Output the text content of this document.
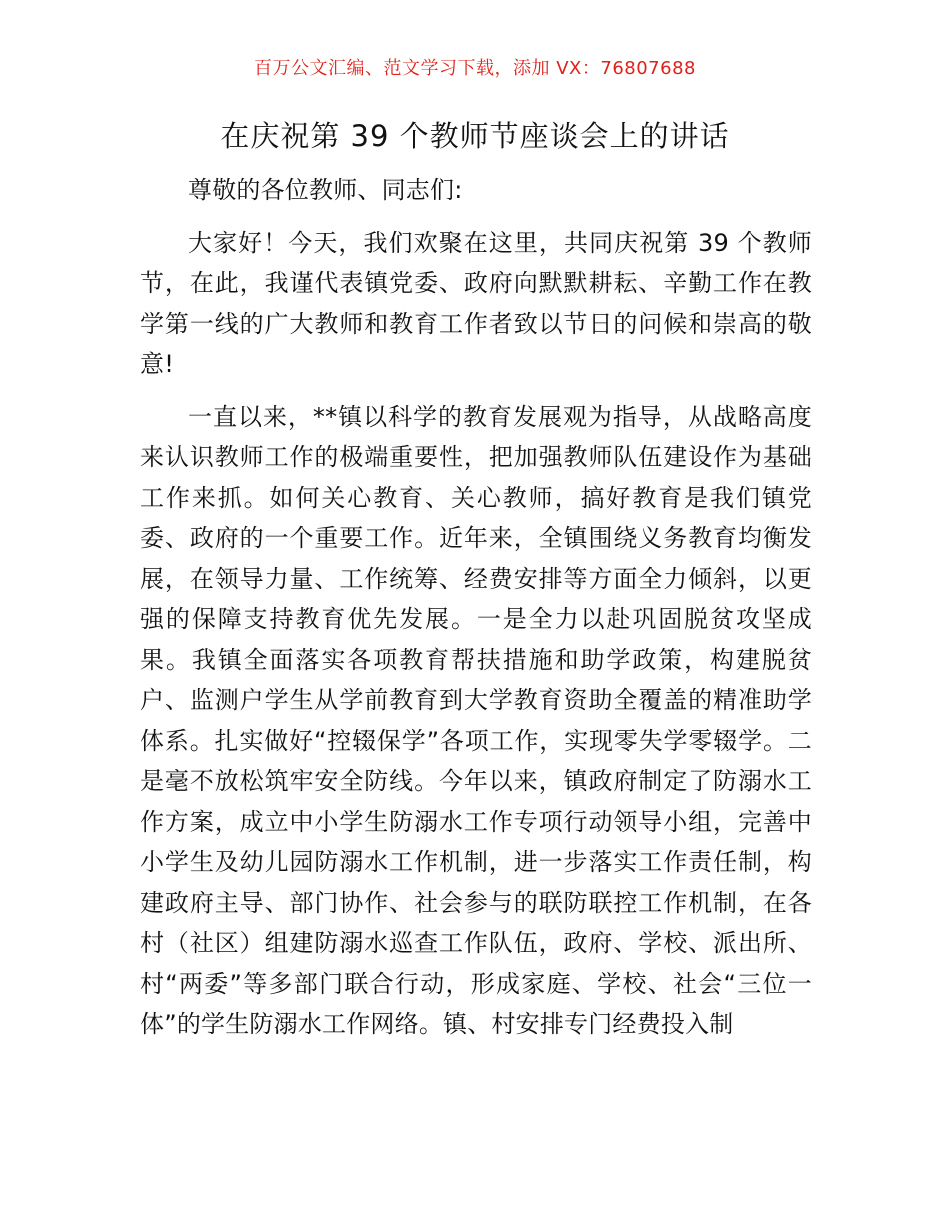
百万公文汇编、范文学习下载，添加 VX：76807688
在庆祝第 39 个教师节座谈会上的讲话

尊敬的各位教师、同志们:

大家好！今天，我们欢聚在这里，共同庆祝第 39 个教师节，在此，我谨代表镇党委、政府向默默耕耘、辛勤工作在教学第一线的广大教师和教育工作者致以节日的问候和崇高的敬意!

一直以来，**镇以科学的教育发展观为指导，从战略高度来认识教师工作的极端重要性，把加强教师队伍建设作为基础工作来抓。如何关心教育、关心教师，搞好教育是我们镇党委、政府的一个重要工作。近年来，全镇围绕义务教育均衡发展，在领导力量、工作统筹、经费安排等方面全力倾斜，以更强的保障支持教育优先发展。一是全力以赴巩固脱贫攻坚成果。我镇全面落实各项教育帮扶措施和助学政策，构建脱贫户、监测户学生从学前教育到大学教育资助全覆盖的精准助学体系。扎实做好“控辍保学”各项工作，实现零失学零辍学。二是毫不放松筑牢安全防线。今年以来，镇政府制定了防溺水工作方案，成立中小学生防溺水工作专项行动领导小组，完善中小学生及幼儿园防溺水工作机制，进一步落实工作责任制，构建政府主导、部门协作、社会参与的联防联控工作机制，在各村（社区）组建防溺水巡查工作队伍，政府、学校、派出所、村“两委”等多部门联合行动，形成家庭、学校、社会“三位一体”的学生防溺水工作网络。镇、村安排专门经费投入制
